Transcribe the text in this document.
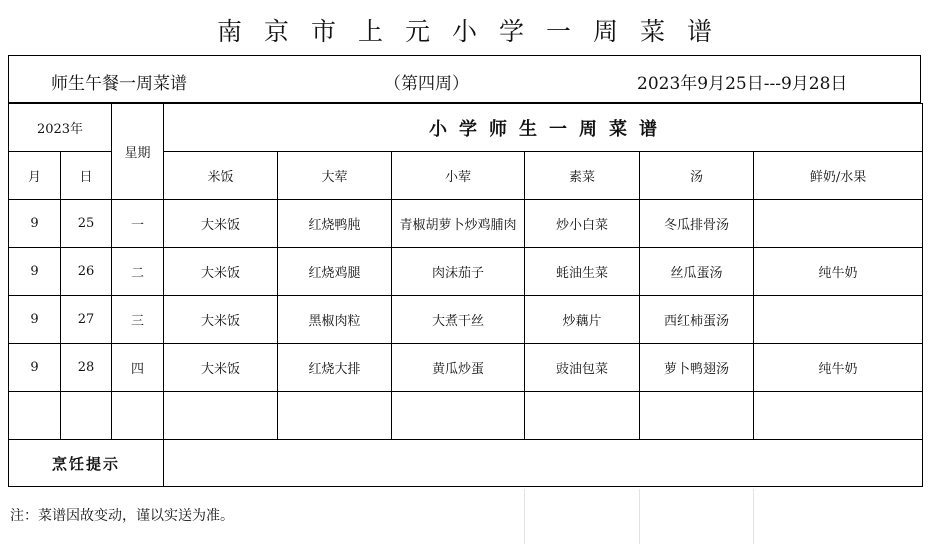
南京市上元小学一周菜谱
师生午餐一周菜谱	（第四周）	2023年9月25日---9月28日
2023年		星期	小学师生一周菜谱					
月	日		米饭	大荤	小荤	素菜	汤	鲜奶/水果
9	25	一	大米饭	红烧鸭肫	青椒胡萝卜炒鸡脯肉	炒小白菜	冬瓜排骨汤	
9	26	二	大米饭	红烧鸡腿	肉沫茄子	蚝油生菜	丝瓜蛋汤	纯牛奶
9	27	三	大米饭	黑椒肉粒	大煮干丝	炒藕片	西红柿蛋汤	
9	28	四	大米饭	红烧大排	黄瓜炒蛋	豉油包菜	萝卜鸭翅汤	纯牛奶

烹饪提示								
注：菜谱因故变动，谨以实送为准。
